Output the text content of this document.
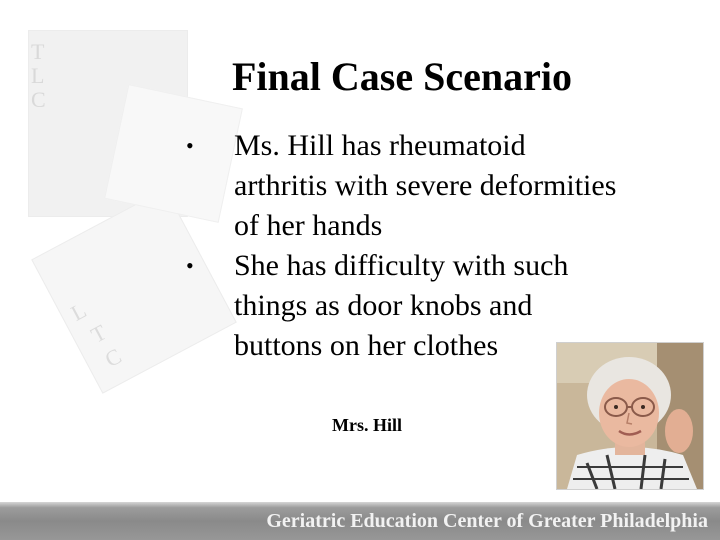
T
L
C
L
T
C
Final Case Scenario
• Ms. Hill has rheumatoid
arthritis with severe deformities
of her hands
• She has difficulty with such
things as door knobs and
buttons on her clothes
Mrs. Hill
Geriatric Education Center of Greater Philadelphia
